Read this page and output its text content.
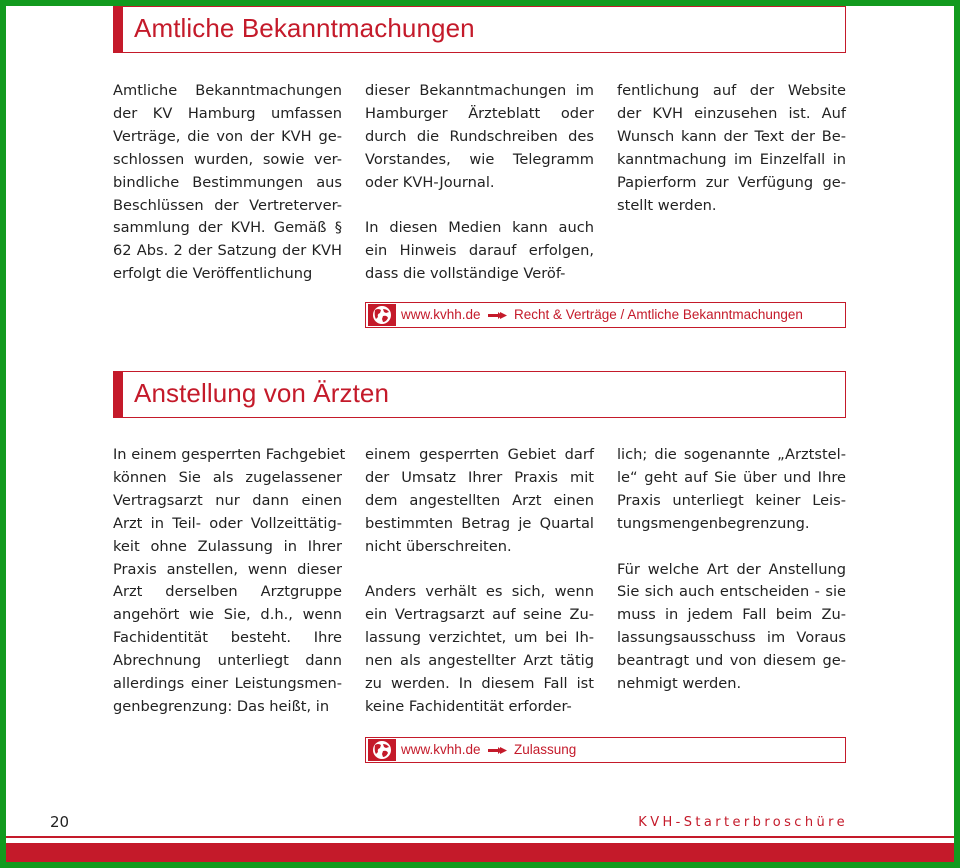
Amtliche Bekanntmachungen

Amtliche Bekanntmachungen
der KV Hamburg umfassen
Verträge, die von der KVH ge-
schlossen wurden, sowie ver-
bindliche Bestimmungen aus
Beschlüssen der Vertreterver-
sammlung der KVH. Gemäß §
62 Abs. 2 der Satzung der KVH
erfolgt die Veröffentlichung

dieser Bekanntmachungen im
Hamburger Ärzteblatt oder
durch die Rundschreiben des
Vorstandes, wie Telegramm
oder KVH-Journal.

In diesen Medien kann auch
ein Hinweis darauf erfolgen,
dass die vollständige Veröf-

fentlichung auf der Website
der KVH einzusehen ist. Auf
Wunsch kann der Text der Be-
kanntmachung im Einzelfall in
Papierform zur Verfügung ge-
stellt werden.

www.kvhh.de Recht & Verträge / Amtliche Bekanntmachungen
Anstellung von Ärzten

In einem gesperrten Fachgebiet
können Sie als zugelassener
Vertragsarzt nur dann einen
Arzt in Teil- oder Vollzeittätig-
keit ohne Zulassung in Ihrer
Praxis anstellen, wenn dieser
Arzt derselben Arztgruppe
angehört wie Sie, d.h., wenn
Fachidentität besteht. Ihre
Abrechnung unterliegt dann
allerdings einer Leistungsmen-
genbegrenzung: Das heißt, in

einem gesperrten Gebiet darf
der Umsatz Ihrer Praxis mit
dem angestellten Arzt einen
bestimmten Betrag je Quartal
nicht überschreiten.

Anders verhält es sich, wenn
ein Vertragsarzt auf seine Zu-
lassung verzichtet, um bei Ih-
nen als angestellter Arzt tätig
zu werden. In diesem Fall ist
keine Fachidentität erforder-

lich; die sogenannte „Arztstel-
le“ geht auf Sie über und Ihre
Praxis unterliegt keiner Leis-
tungsmengenbegrenzung.

Für welche Art der Anstellung
Sie sich auch entscheiden - sie
muss in jedem Fall beim Zu-
lassungsausschuss im Voraus
beantragt und von diesem ge-
nehmigt werden.

www.kvhh.de Zulassung
20	KVH-Starterbroschüre
